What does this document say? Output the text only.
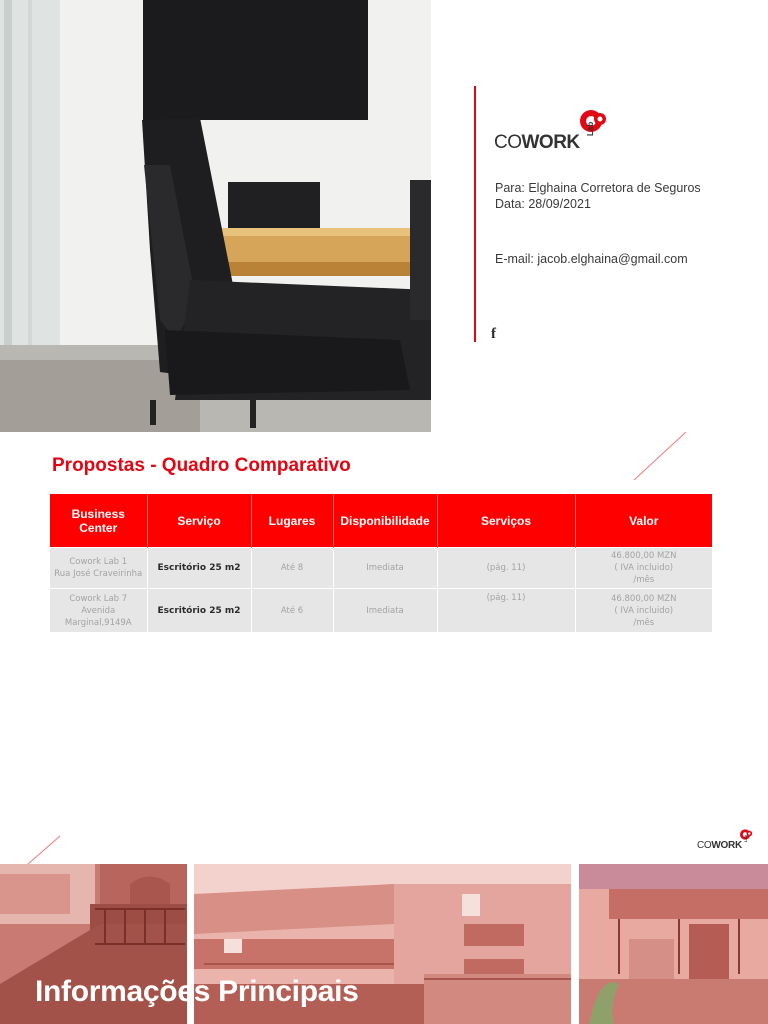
COWORK
Lab
Para: Elghaina Corretora de Seguros
Data: 28/09/2021
E-mail: jacob.elghaina@gmail.com
f
Propostas - Quadro Comparativo
Business Center	Serviço	Lugares	Disponibilidade	Serviços	Valor

Cowork Lab 1
Rua José Craveirinha	Escritório 25 m2	Até 8	Imediata	(pág. 11)	46.800,00 MZN
( IVA incluido)
/mês

Cowork Lab 7
Avenida
Marginal,9149A	Escritório 25 m2	Até 6	Imediata	(pág. 11)	46.800,00 MZN
( IVA incluido)
/mês
COWORK
Lab
Informações Principais
